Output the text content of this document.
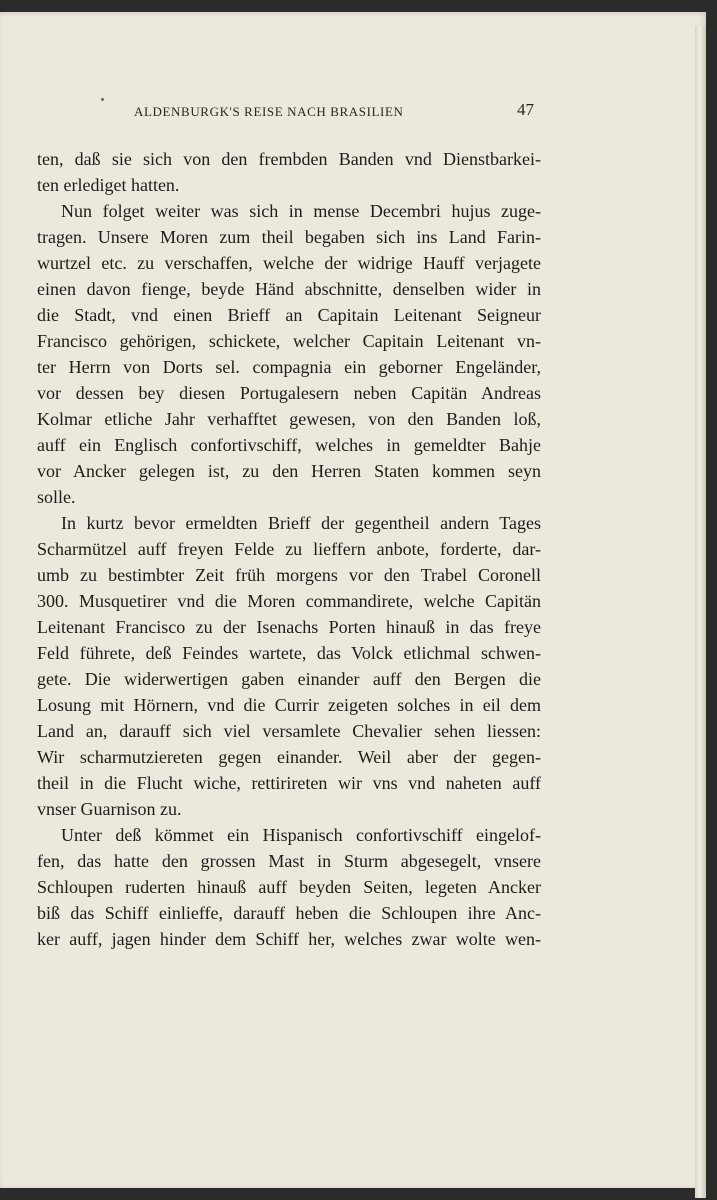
ALDENBURGK'S REISE NACH BRASILIEN	47
ten, daß sie sich von den frembden Banden vnd Dienstbarkei-
ten erlediget hatten.
Nun folget weiter was sich in mense Decembri hujus zuge-
tragen. Unsere Moren zum theil begaben sich ins Land Farin-
wurtzel etc. zu verschaffen, welche der widrige Hauff verjagete
einen davon fienge, beyde Händ abschnitte, denselben wider in
die Stadt, vnd einen Brieff an Capitain Leitenant Seigneur
Francisco gehörigen, schickete, welcher Capitain Leitenant vn-
ter Herrn von Dorts sel. compagnia ein geborner Engeländer,
vor dessen bey diesen Portugalesern neben Capitän Andreas
Kolmar etliche Jahr verhafftet gewesen, von den Banden loß,
auff ein Englisch confortivschiff, welches in gemeldter Bahje
vor Ancker gelegen ist, zu den Herren Staten kommen seyn
solle.
In kurtz bevor ermeldten Brieff der gegentheil andern Tages
Scharmützel auff freyen Felde zu lieffern anbote, forderte, dar-
umb zu bestimbter Zeit früh morgens vor den Trabel Coronell
300. Musquetirer vnd die Moren commandirete, welche Capitän
Leitenant Francisco zu der Isenachs Porten hinauß in das freye
Feld führete, deß Feindes wartete, das Volck etlichmal schwen-
gete. Die widerwertigen gaben einander auff den Bergen die
Losung mit Hörnern, vnd die Currir zeigeten solches in eil dem
Land an, darauff sich viel versamlete Chevalier sehen liessen:
Wir scharmutziereten gegen einander. Weil aber der gegen-
theil in die Flucht wiche, rettirireten wir vns vnd naheten auff
vnser Guarnison zu.
Unter deß kömmet ein Hispanisch confortivschiff eingelof-
fen, das hatte den grossen Mast in Sturm abgesegelt, vnsere
Schloupen ruderten hinauß auff beyden Seiten, legeten Ancker
biß das Schiff einlieffe, darauff heben die Schloupen ihre Anc-
ker auff, jagen hinder dem Schiff her, welches zwar wolte wen-
